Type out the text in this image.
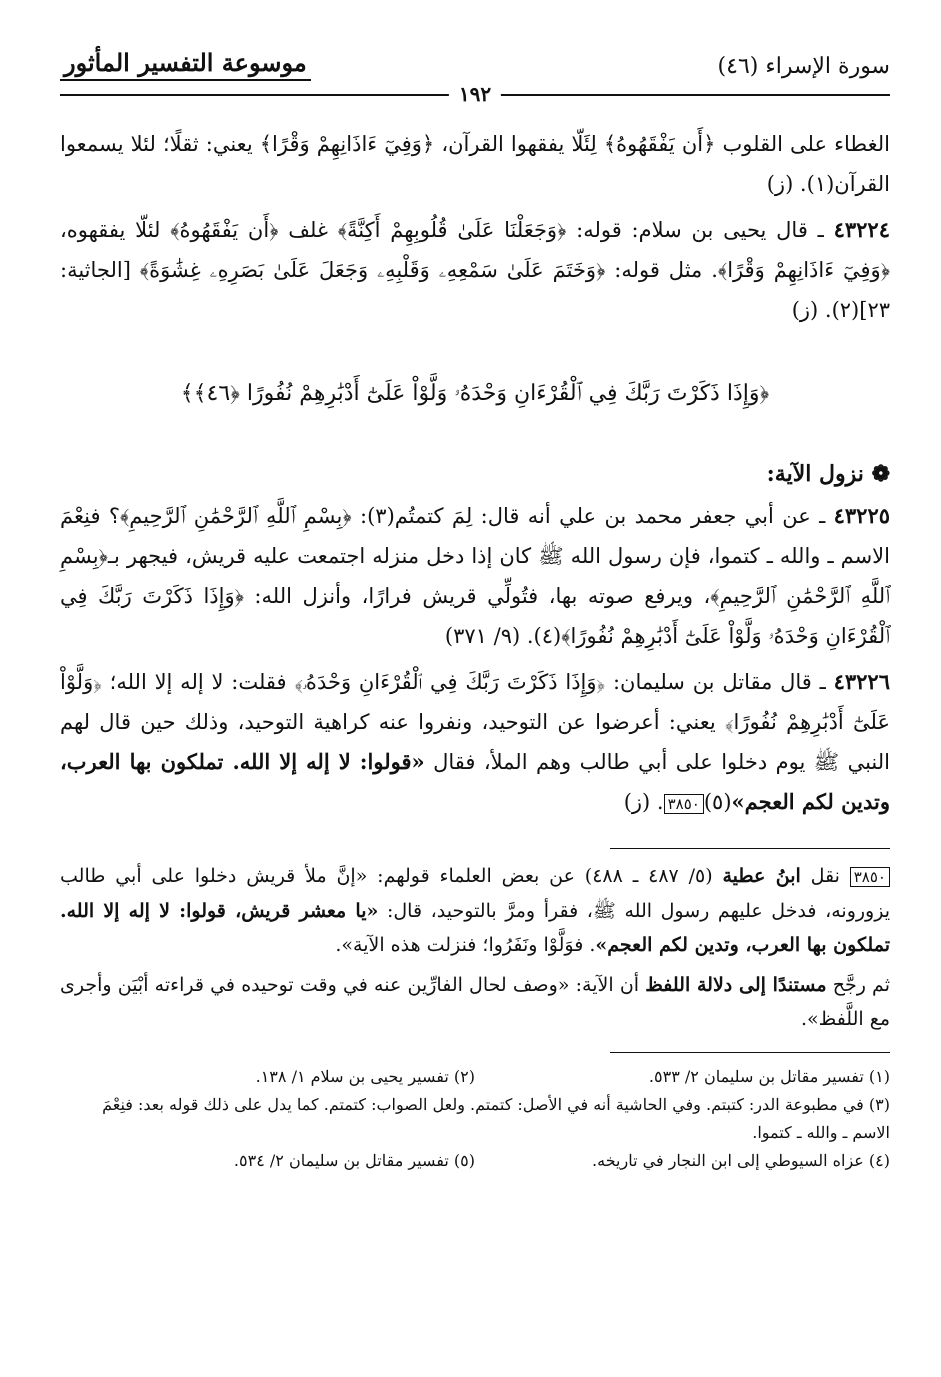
سورة الإسراء (٤٦)
موسوعة التفسير المأثور
١٩٢

الغطاء على القلوب ﴿أَن يَفْقَهُوهُ﴾ لِئَلّا يفقهوا القرآن، ﴿وَفِيٓ ءَاذَانِهِمْ وَقْرًا﴾ يعني: ثقلًا؛ لئلا يسمعوا القرآن(١). (ز)

٤٣٢٢٤ ـ قال يحيى بن سلام: قوله: ﴿وَجَعَلْنَا عَلَىٰ قُلُوبِهِمْ أَكِنَّةً﴾ غلف ﴿أَن يَفْقَهُوهُ﴾ لئلّا يفقهوه، ﴿وَفِيٓ ءَاذَانِهِمْ وَقْرًا﴾. مثل قوله: ﴿وَخَتَمَ عَلَىٰ سَمْعِهِۦ وَقَلْبِهِۦ وَجَعَلَ عَلَىٰ بَصَرِهِۦ غِشَٰوَةً﴾ [الجاثية: ٢٣](٢). (ز)

﴿وَإِذَا ذَكَرْتَ رَبَّكَ فِي ٱلْقُرْءَانِ وَحْدَهُۥ وَلَّوْاْ عَلَىٰٓ أَدْبَٰرِهِمْ نُفُورًا ﴿٤٦﴾﴾
❁ نزول الآية:

٤٣٢٢٥ ـ عن أبي جعفر محمد بن علي أنه قال: لِمَ كتمتُم(٣): ﴿بِسْمِ ٱللَّهِ ٱلرَّحْمَٰنِ ٱلرَّحِيمِ﴾؟ فنِعْمَ الاسم ـ والله ـ كتموا، فإن رسول الله ﷺ كان إذا دخل منزله اجتمعت عليه قريش، فيجهر بـ﴿بِسْمِ ٱللَّهِ ٱلرَّحْمَٰنِ ٱلرَّحِيمِ﴾، ويرفع صوته بها، فتُولِّي قريش فرارًا، وأنزل الله: ﴿وَإِذَا ذَكَرْتَ رَبَّكَ فِي ٱلْقُرْءَانِ وَحْدَهُۥ وَلَّوْاْ عَلَىٰٓ أَدْبَٰرِهِمْ نُفُورًا﴾(٤). (٩/ ٣٧١)

٤٣٢٢٦ ـ قال مقاتل بن سليمان: ﴿وَإِذَا ذَكَرْتَ رَبَّكَ فِي ٱلْقُرْءَانِ وَحْدَهُۥ﴾ فقلت: لا إله إلا الله؛ ﴿وَلَّوْاْ عَلَىٰٓ أَدْبَٰرِهِمْ نُفُورًا﴾ يعني: أعرضوا عن التوحيد، ونفروا عنه كراهية التوحيد، وذلك حين قال لهم النبي ﷺ يوم دخلوا على أبي طالب وهم الملأ، فقال «قولوا: لا إله إلا الله. تملكون بها العرب، وتدين لكم العجم»(٥)٣٨٥٠. (ز)

٣٨٥٠ نقل ابنُ عطية (٥/ ٤٨٧ ـ ٤٨٨) عن بعض العلماء قولهم: «إنَّ ملأ قريش دخلوا على أبي طالب يزورونه، فدخل عليهم رسول الله ﷺ، فقرأ ومرَّ بالتوحيد، قال: «يا معشر قريش، قولوا: لا إله إلا الله. تملكون بها العرب، وتدين لكم العجم». فوَلَّوْا ونَفَرُوا؛ فنزلت هذه الآية».

ثم رجَّح مستندًا إلى دلالة اللفظ أن الآية: «وصف لحال الفارِّين عنه في وقت توحيده في قراءته أبْيَن وأجرى مع اللَّفظ».

(١) تفسير مقاتل بن سليمان ٢/ ٥٣٣.
(٢) تفسير يحيى بن سلام ١/ ١٣٨.
(٣) في مطبوعة الدر: كتبتم. وفي الحاشية أنه في الأصل: كتمتم. ولعل الصواب: كتمتم. كما يدل على ذلك قوله بعد: فنِعْمَ الاسم ـ والله ـ كتموا.
(٤) عزاه السيوطي إلى ابن النجار في تاريخه.
(٥) تفسير مقاتل بن سليمان ٢/ ٥٣٤.
